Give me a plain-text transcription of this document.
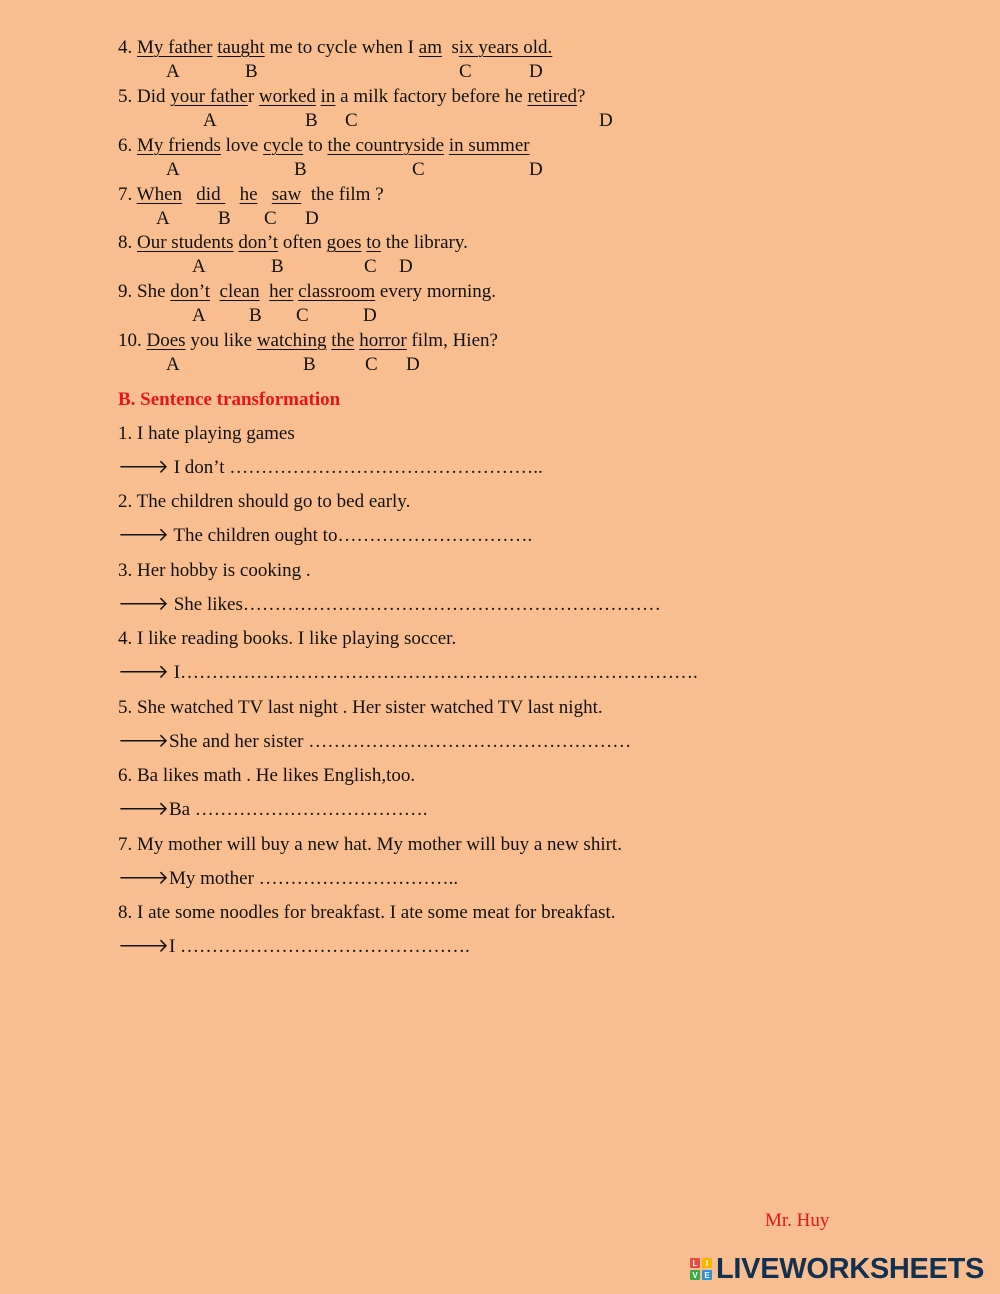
4. My father taught me to cycle when I am  six years old.
5. Did your father worked in a milk factory before he retired?
6. My friends love cycle to the countryside in summer
7. When did    he saw  the film ?
8. Our students don’t often goes to the library.
9. She don’t clean her classroom every morning.
10. Does you like watching the horror film, Hien?
A	B	C	D
A	B C	D
A	B	C	D
A	B C D
A	B	C D
A B C	D
A	B	C D
B. Sentence transformation
1. I hate playing games
🡒 I don’t …………………………………………..
2. The children should go to bed early.
🡒 The children ought to………………………….
3. Her hobby is cooking .
🡒 She likes…………………………………………………………
4. I like reading books. I like playing soccer.
🡒 I……………………………………………………………………….
5. She watched TV last night . Her sister watched TV last night.
🡒She and her sister ……………………………………………
6. Ba likes math . He likes English,too.
🡒Ba ……………………………….
7. My mother will buy a new hat. My mother will buy a new shirt.
🡒My mother …………………………..
8. I ate some noodles for breakfast. I ate some meat for breakfast.
🡒I ……………………………………….
Mr. Huy
L	I
V E LIVEWORKSHEETS
